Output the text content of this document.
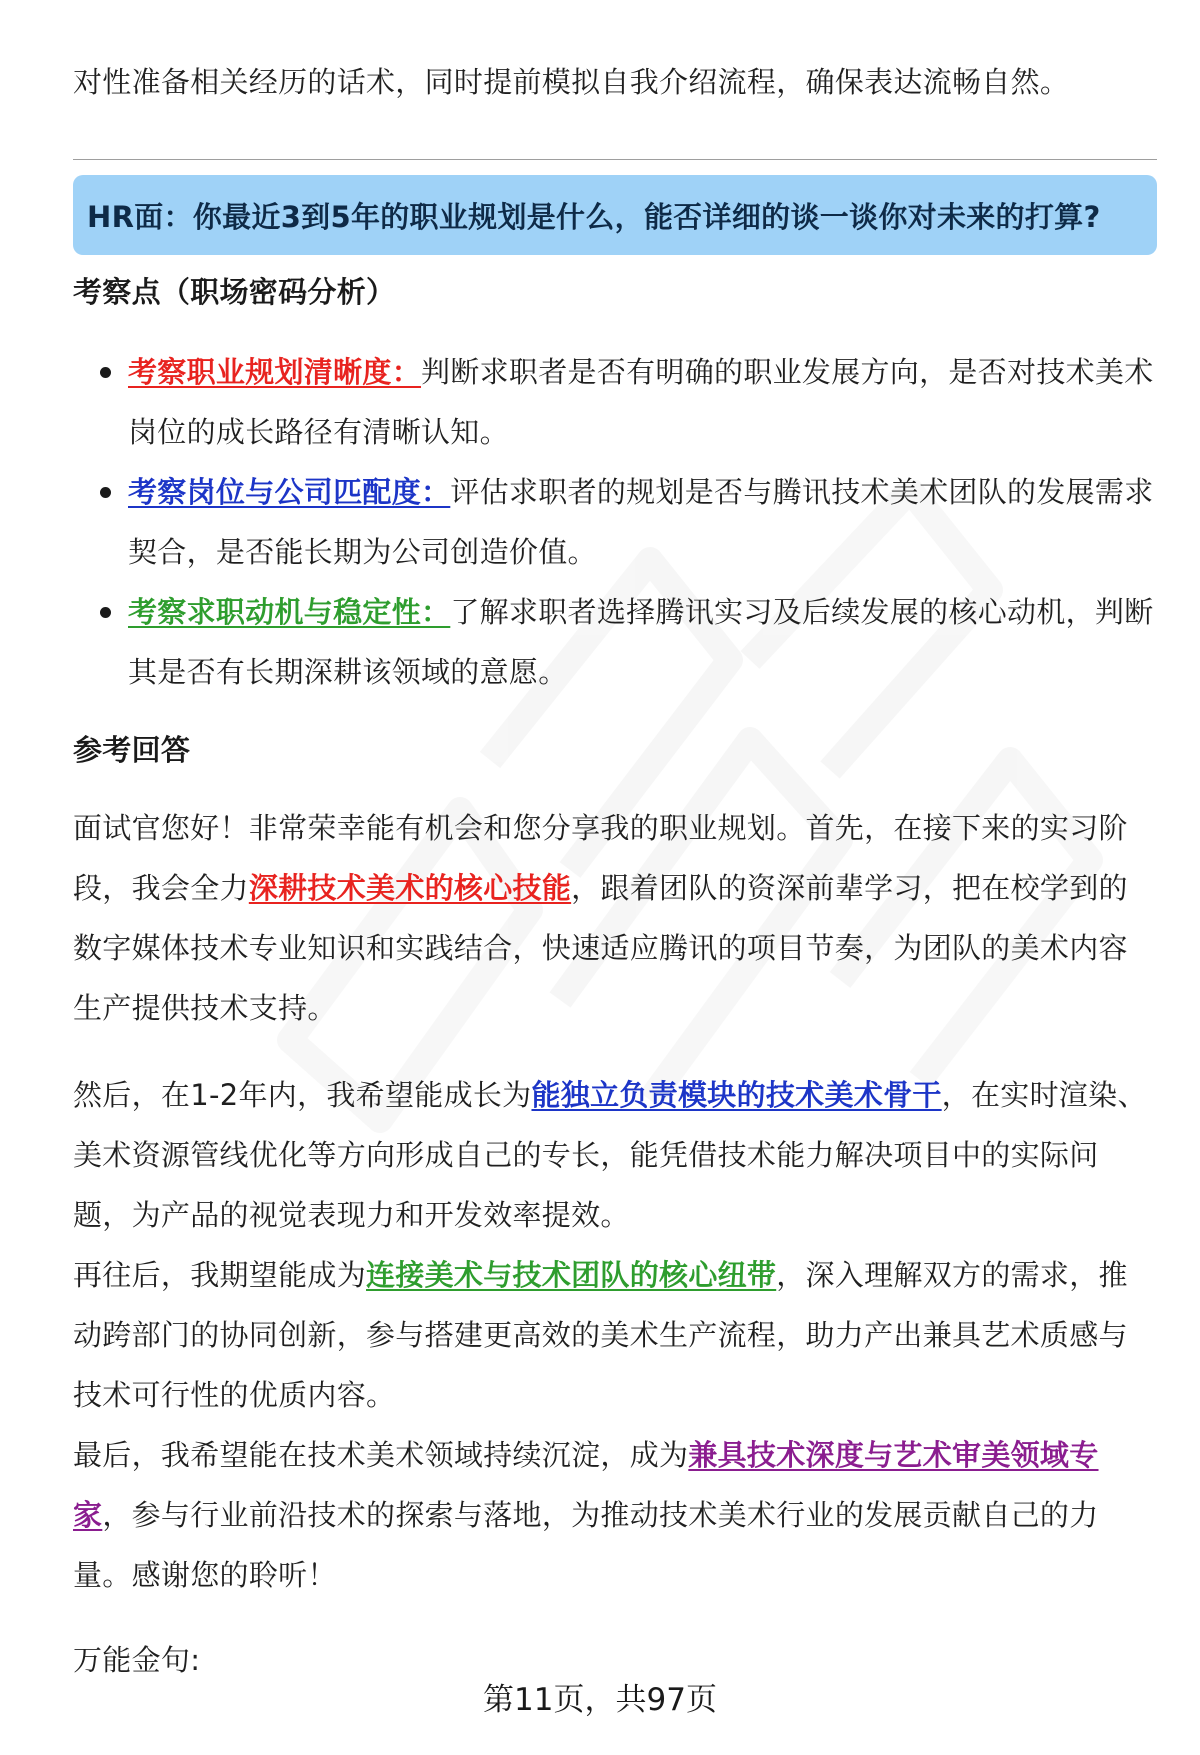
对性准备相关经历的话术，同时提前模拟自我介绍流程，确保表达流畅自然。
HR面：你最近3到5年的职业规划是什么，能否详细的谈一谈你对未来的打算?
考察点（职场密码分析）
考察职业规划清晰度：判断求职者是否有明确的职业发展方向，是否对技术美术岗位的成长路径有清晰认知。
考察岗位与公司匹配度：评估求职者的规划是否与腾讯技术美术团队的发展需求契合，是否能长期为公司创造价值。
考察求职动机与稳定性：了解求职者选择腾讯实习及后续发展的核心动机，判断其是否有长期深耕该领域的意愿。
参考回答
面试官您好！非常荣幸能有机会和您分享我的职业规划。首先，在接下来的实习阶段，我会全力深耕技术美术的核心技能，跟着团队的资深前辈学习，把在校学到的数字媒体技术专业知识和实践结合，快速适应腾讯的项目节奏，为团队的美术内容生产提供技术支持。
然后，在1-2年内，我希望能成长为能独立负责模块的技术美术骨干，在实时渲染、美术资源管线优化等方向形成自己的专长，能凭借技术能力解决项目中的实际问题，为产品的视觉表现力和开发效率提效。
再往后，我期望能成为连接美术与技术团队的核心纽带，深入理解双方的需求，推动跨部门的协同创新，参与搭建更高效的美术生产流程，助力产出兼具艺术质感与技术可行性的优质内容。
最后，我希望能在技术美术领域持续沉淀，成为兼具技术深度与艺术审美领域专家，参与行业前沿技术的探索与落地，为推动技术美术行业的发展贡献自己的力量。感谢您的聆听！
万能金句:
第11页，共97页
